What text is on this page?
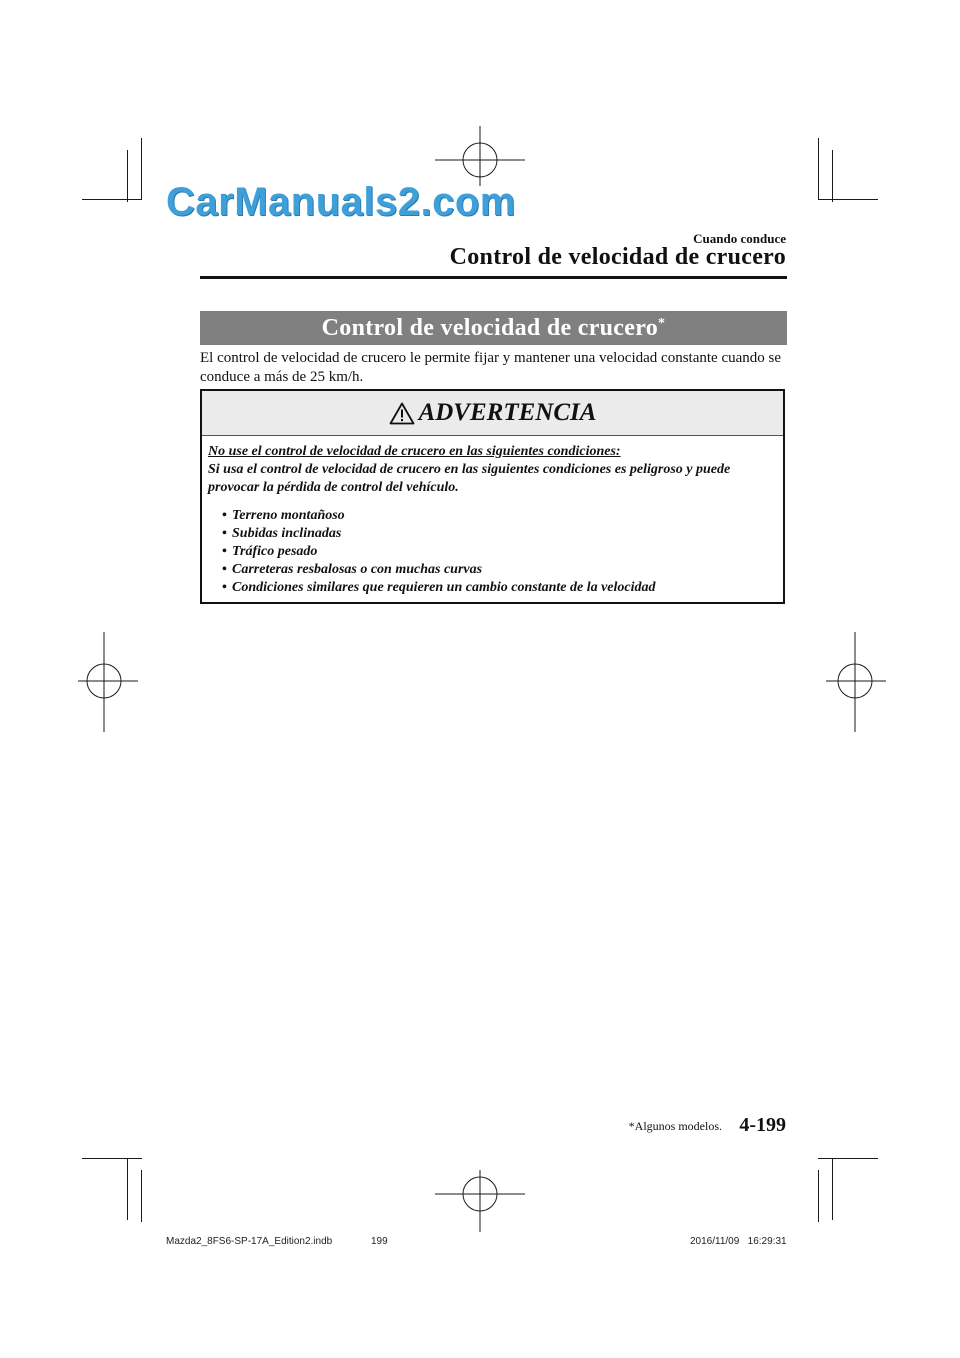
CarManuals2.com
Cuando conduce
Control de velocidad de crucero
Control de velocidad de crucero*
El control de velocidad de crucero le permite fijar y mantener una velocidad constante cuando se conduce a más de 25 km/h.
ADVERTENCIA
No use el control de velocidad de crucero en las siguientes condiciones:
Si usa el control de velocidad de crucero en las siguientes condiciones es peligroso y puede provocar la pérdida de control del vehículo.
• Terreno montañoso
• Subidas inclinadas
• Tráfico pesado
• Carreteras resbalosas o con muchas curvas
• Condiciones similares que requieren un cambio constante de la velocidad
*Algunos modelos. 4-199
Mazda2_8FS6-SP-17A_Edition2.indb	199	2016/11/09   16:29:31
